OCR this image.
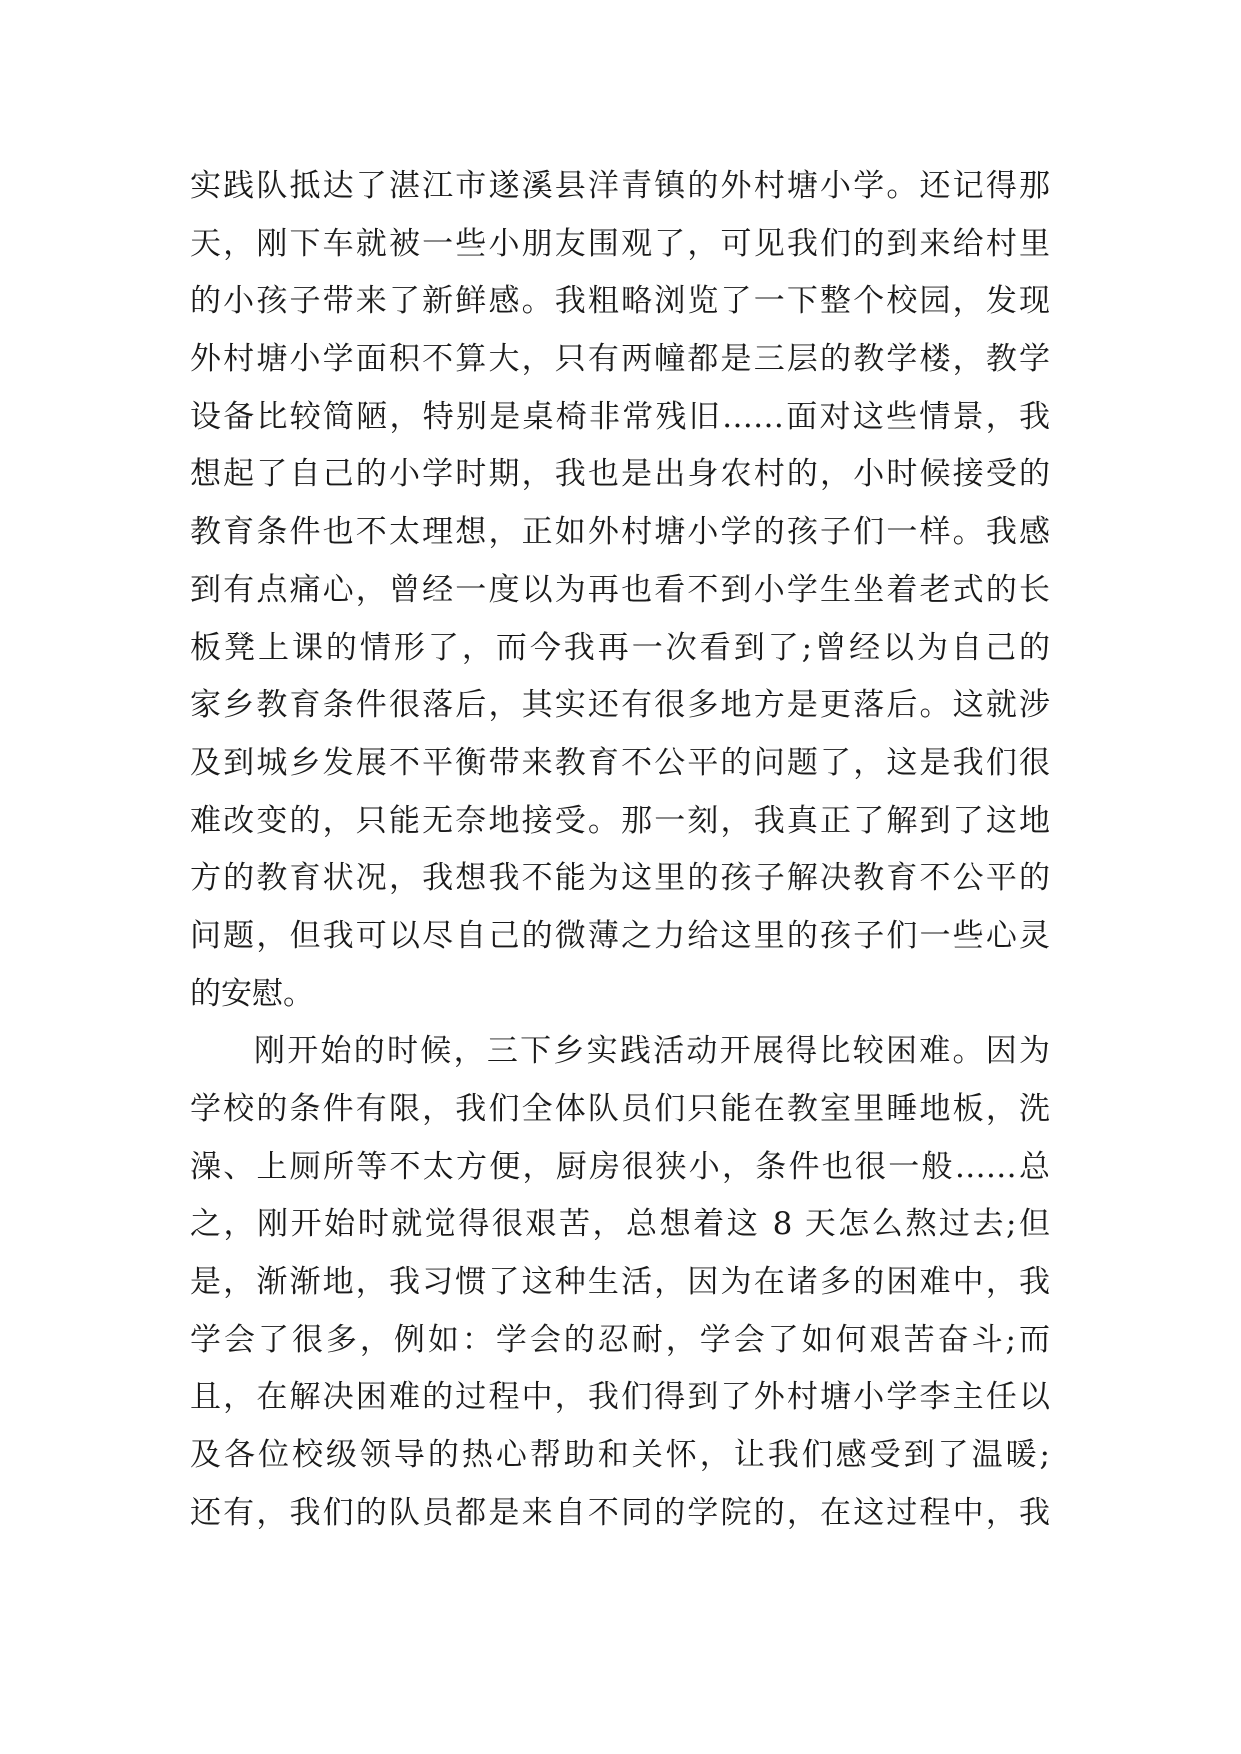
实践队抵达了湛江市遂溪县洋青镇的外村塘小学。还记得那
天，刚下车就被一些小朋友围观了，可见我们的到来给村里
的小孩子带来了新鲜感。我粗略浏览了一下整个校园，发现
外村塘小学面积不算大，只有两幢都是三层的教学楼，教学
设备比较简陋，特别是桌椅非常残旧……面对这些情景，我
想起了自己的小学时期，我也是出身农村的，小时候接受的
教育条件也不太理想，正如外村塘小学的孩子们一样。我感
到有点痛心，曾经一度以为再也看不到小学生坐着老式的长
板凳上课的情形了，而今我再一次看到了;曾经以为自己的
家乡教育条件很落后，其实还有很多地方是更落后。这就涉
及到城乡发展不平衡带来教育不公平的问题了，这是我们很
难改变的，只能无奈地接受。那一刻，我真正了解到了这地
方的教育状况，我想我不能为这里的孩子解决教育不公平的
问题，但我可以尽自己的微薄之力给这里的孩子们一些心灵
的安慰。
刚开始的时候，三下乡实践活动开展得比较困难。因为
学校的条件有限，我们全体队员们只能在教室里睡地板，洗
澡、上厕所等不太方便，厨房很狭小，条件也很一般……总
之，刚开始时就觉得很艰苦，总想着这 8 天怎么熬过去;但
是，渐渐地，我习惯了这种生活，因为在诸多的困难中，我
学会了很多，例如：学会的忍耐，学会了如何艰苦奋斗;而
且，在解决困难的过程中，我们得到了外村塘小学李主任以
及各位校级领导的热心帮助和关怀，让我们感受到了温暖;
还有，我们的队员都是来自不同的学院的，在这过程中，我
